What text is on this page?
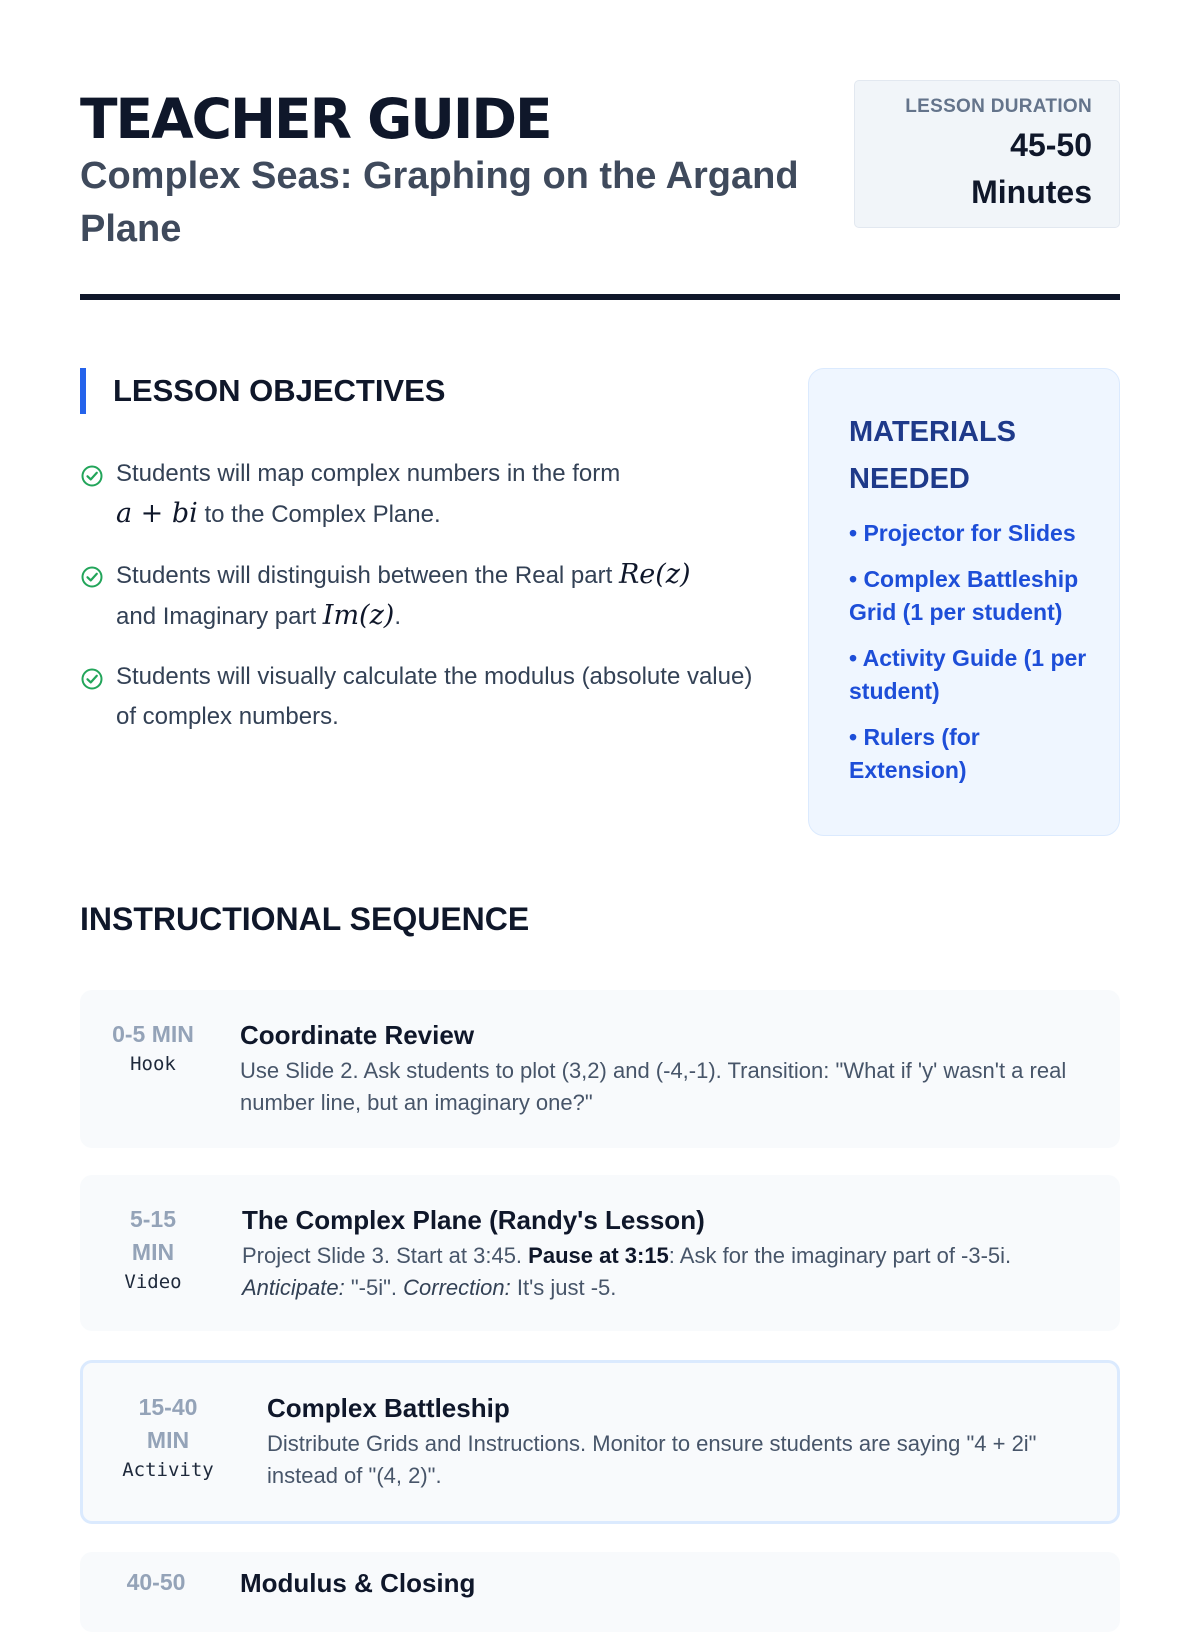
TEACHER GUIDE
Complex Seas: Graphing on the Argand Plane
LESSON DURATION
45-50
Minutes
LESSON OBJECTIVES
Students will map complex numbers in the form
a + bi to the Complex Plane.
Students will distinguish between the Real part Re(z)
and Imaginary part Im(z).
Students will visually calculate the modulus (absolute value) of complex numbers.
MATERIALS NEEDED
• Projector for Slides
• Complex Battleship Grid (1 per student)
• Activity Guide (1 per student)
• Rulers (for Extension)
INSTRUCTIONAL SEQUENCE
0-5 MIN
Hook
Coordinate Review
Use Slide 2. Ask students to plot (3,2) and (-4,-1). Transition: "What if 'y' wasn't a real number line, but an imaginary one?"
5-15 MIN
Video
The Complex Plane (Randy's Lesson)
Project Slide 3. Start at 3:45. Pause at 3:15: Ask for the imaginary part of -3-5i. Anticipate: "-5i". Correction: It's just -5.
15-40 MIN
Activity
Complex Battleship
Distribute Grids and Instructions. Monitor to ensure students are saying "4 + 2i" instead of "(4, 2)".
40-50	Modulus & Closing
